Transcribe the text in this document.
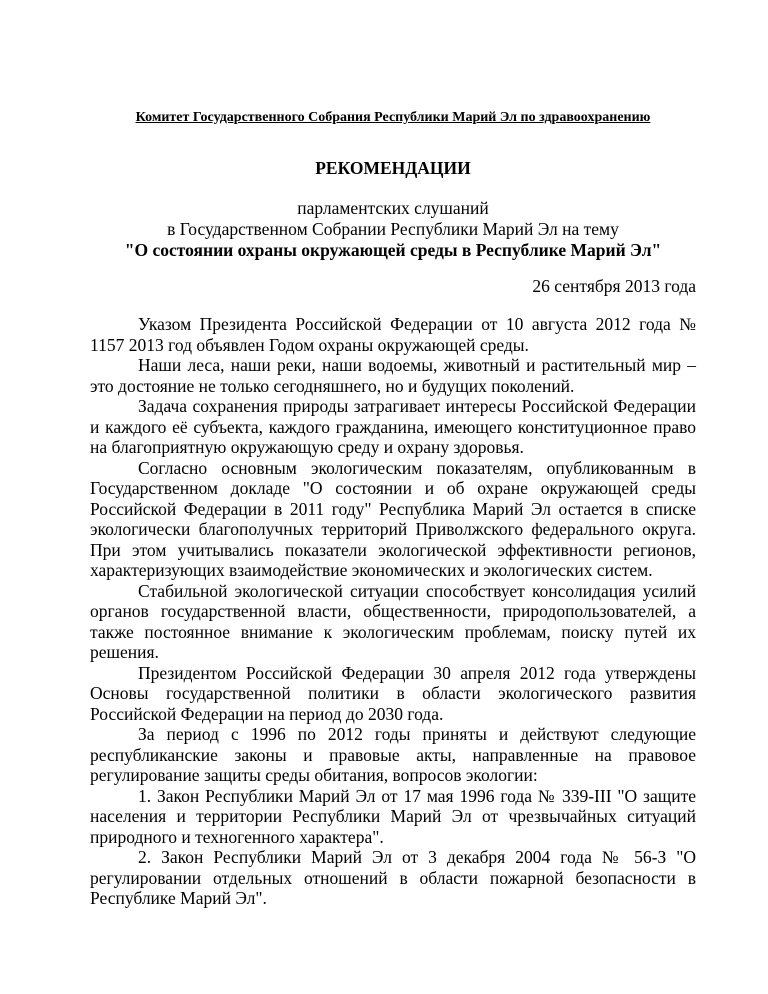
Комитет Государственного Собрания Республики Марий Эл по здравоохранению
РЕКОМЕНДАЦИИ
парламентских слушаний
в Государственном Собрании Республики Марий Эл на тему
"О состоянии охраны окружающей среды в Республике Марий Эл"
26 сентября 2013 года

Указом Президента Российской Федерации от 10 августа 2012 года № 1157 2013 год объявлен Годом охраны окружающей среды.

Наши леса, наши реки, наши водоемы, животный и растительный мир – это достояние не только сегодняшнего, но и будущих поколений.

Задача сохранения природы затрагивает интересы Российской Федерации и каждого её субъекта, каждого гражданина, имеющего конституционное право на благоприятную окружающую среду и охрану здоровья.

Согласно основным экологическим показателям, опубликованным в Государственном докладе "О состоянии и об охране окружающей среды Российской Федерации в 2011 году" Республика Марий Эл остается в списке экологически благополучных территорий Приволжского федерального округа. При этом учитывались показатели экологической эффективности регионов, характеризующих взаимодействие экономических и экологических систем.

Стабильной экологической ситуации способствует консолидация усилий органов государственной власти, общественности, природопользователей, а также постоянное внимание к экологическим проблемам, поиску путей их решения.

Президентом Российской Федерации 30 апреля 2012 года утверждены Основы государственной политики в области экологического развития Российской Федерации на период до 2030 года.

За период с 1996 по 2012 годы приняты и действуют следующие республиканские законы и правовые акты, направленные на правовое регулирование защиты среды обитания, вопросов экологии:

1. Закон Республики Марий Эл от 17 мая 1996 года № 339-III "О защите населения и территории Республики Марий Эл от чрезвычайных ситуаций природного и техногенного характера".

2. Закон Республики Марий Эл от 3 декабря 2004 года № 56-З "О регулировании отдельных отношений в области пожарной безопасности в Республике Марий Эл".
